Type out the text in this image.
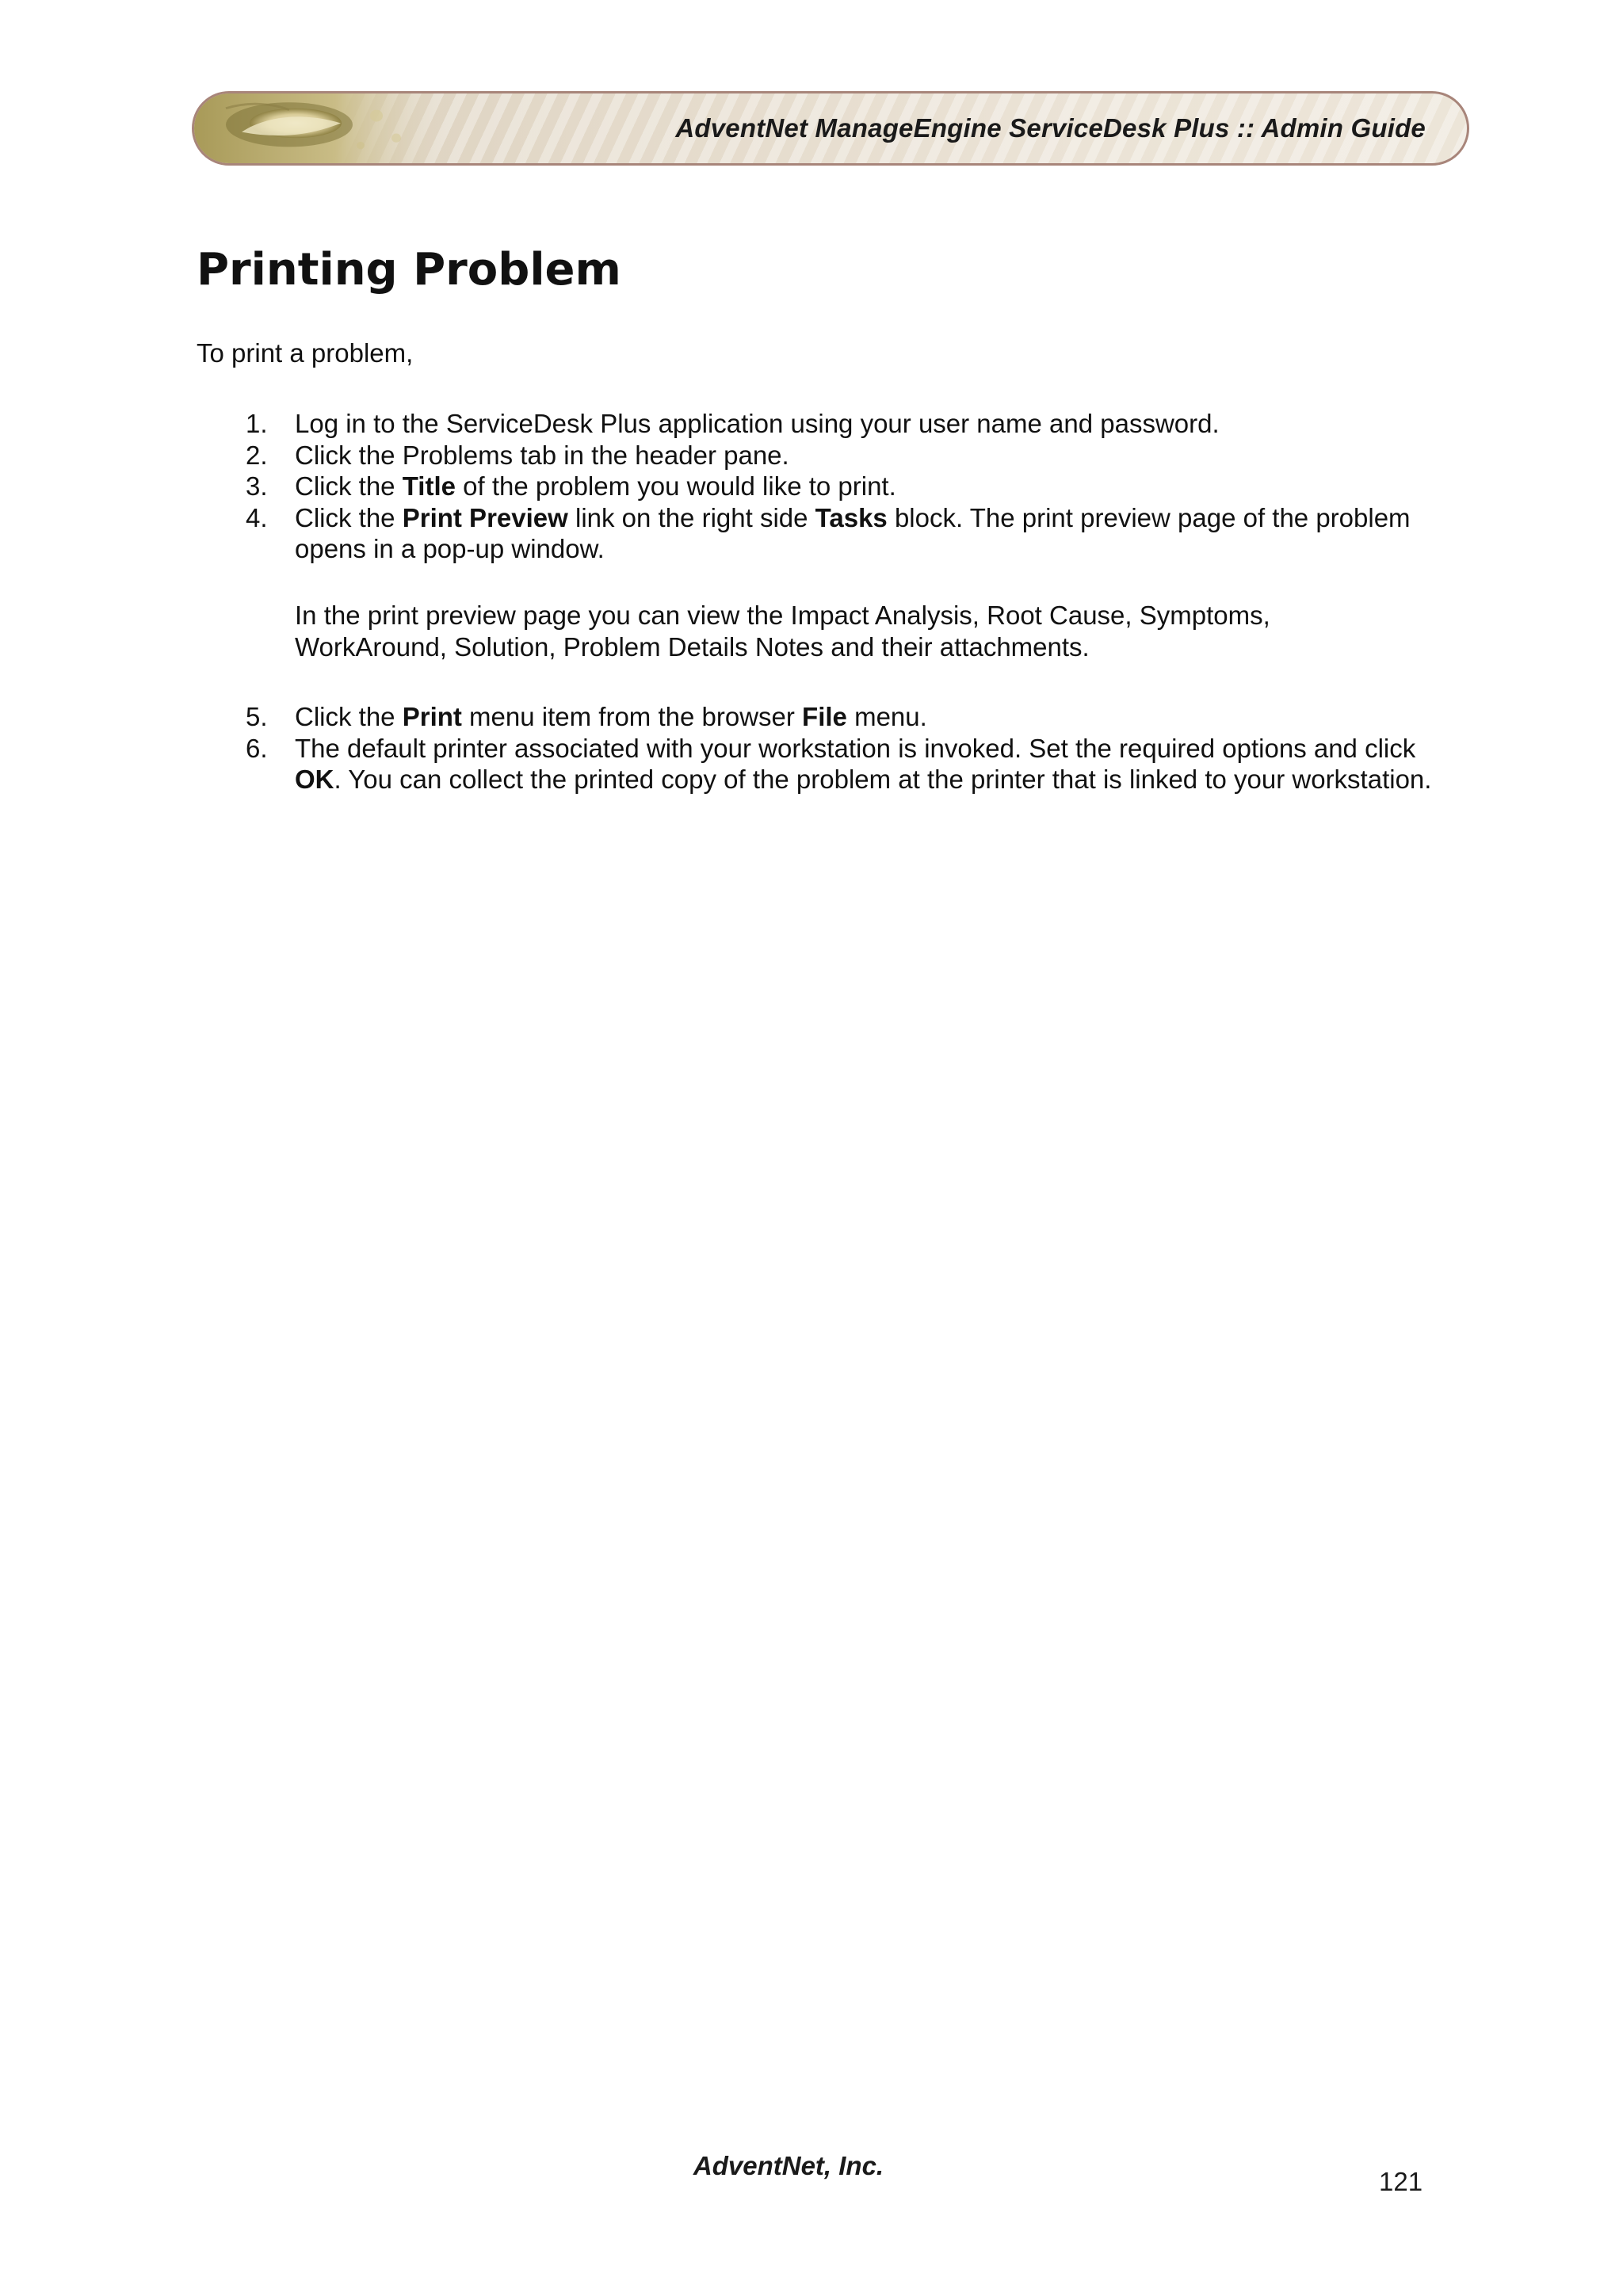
AdventNet ManageEngine ServiceDesk Plus :: Admin Guide
Printing Problem

To print a problem,

1. Log in to the ServiceDesk Plus application using your user name and password.
2. Click the Problems tab in the header pane.
3. Click the Title of the problem you would like to print.
4. Click the Print Preview link on the right side Tasks block. The print preview page of the problem opens in a pop-up window.

In the print preview page you can view the Impact Analysis, Root Cause, Symptoms, WorkAround, Solution, Problem Details Notes and their attachments.

5. Click the Print menu item from the browser File menu.
6. The default printer associated with your workstation is invoked. Set the required options and click OK. You can collect the printed copy of the problem at the printer that is linked to your workstation.
AdventNet, Inc.
121
